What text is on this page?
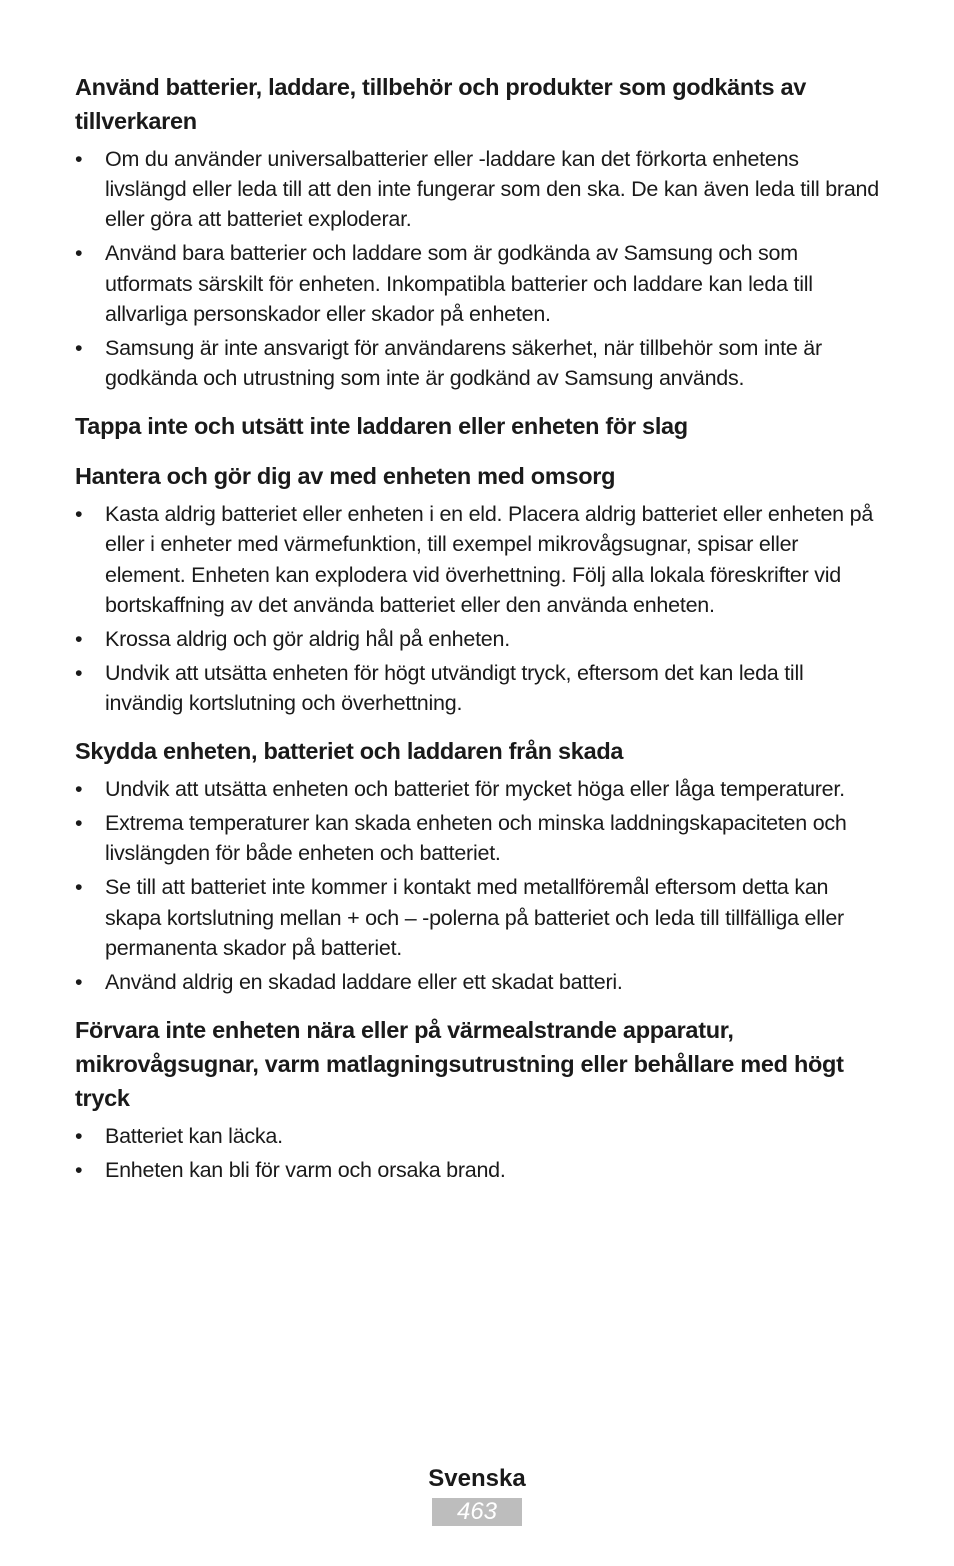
Använd batterier, laddare, tillbehör och produkter som godkänts av tillverkaren
• Om du använder universalbatterier eller -laddare kan det förkorta enhetens livslängd eller leda till att den inte fungerar som den ska. De kan även leda till brand eller göra att batteriet exploderar.
• Använd bara batterier och laddare som är godkända av Samsung och som utformats särskilt för enheten. Inkompatibla batterier och laddare kan leda till allvarliga personskador eller skador på enheten.
• Samsung är inte ansvarigt för användarens säkerhet, när tillbehör som inte är godkända och utrustning som inte är godkänd av Samsung används.
Tappa inte och utsätt inte laddaren eller enheten för slag
Hantera och gör dig av med enheten med omsorg
• Kasta aldrig batteriet eller enheten i en eld. Placera aldrig batteriet eller enheten på eller i enheter med värmefunktion, till exempel mikrovågsugnar, spisar eller element. Enheten kan explodera vid överhettning. Följ alla lokala föreskrifter vid bortskaffning av det använda batteriet eller den använda enheten.
• Krossa aldrig och gör aldrig hål på enheten.
• Undvik att utsätta enheten för högt utvändigt tryck, eftersom det kan leda till invändig kortslutning och överhettning.
Skydda enheten, batteriet och laddaren från skada
• Undvik att utsätta enheten och batteriet för mycket höga eller låga temperaturer.
• Extrema temperaturer kan skada enheten och minska laddningskapaciteten och livslängden för både enheten och batteriet.
• Se till att batteriet inte kommer i kontakt med metallföremål eftersom detta kan skapa kortslutning mellan + och – -polerna på batteriet och leda till tillfälliga eller permanenta skador på batteriet.
• Använd aldrig en skadad laddare eller ett skadat batteri.
Förvara inte enheten nära eller på värmealstrande apparatur, mikrovågsugnar, varm matlagningsutrustning eller behållare med högt tryck
• Batteriet kan läcka.
• Enheten kan bli för varm och orsaka brand.
Svenska
463
